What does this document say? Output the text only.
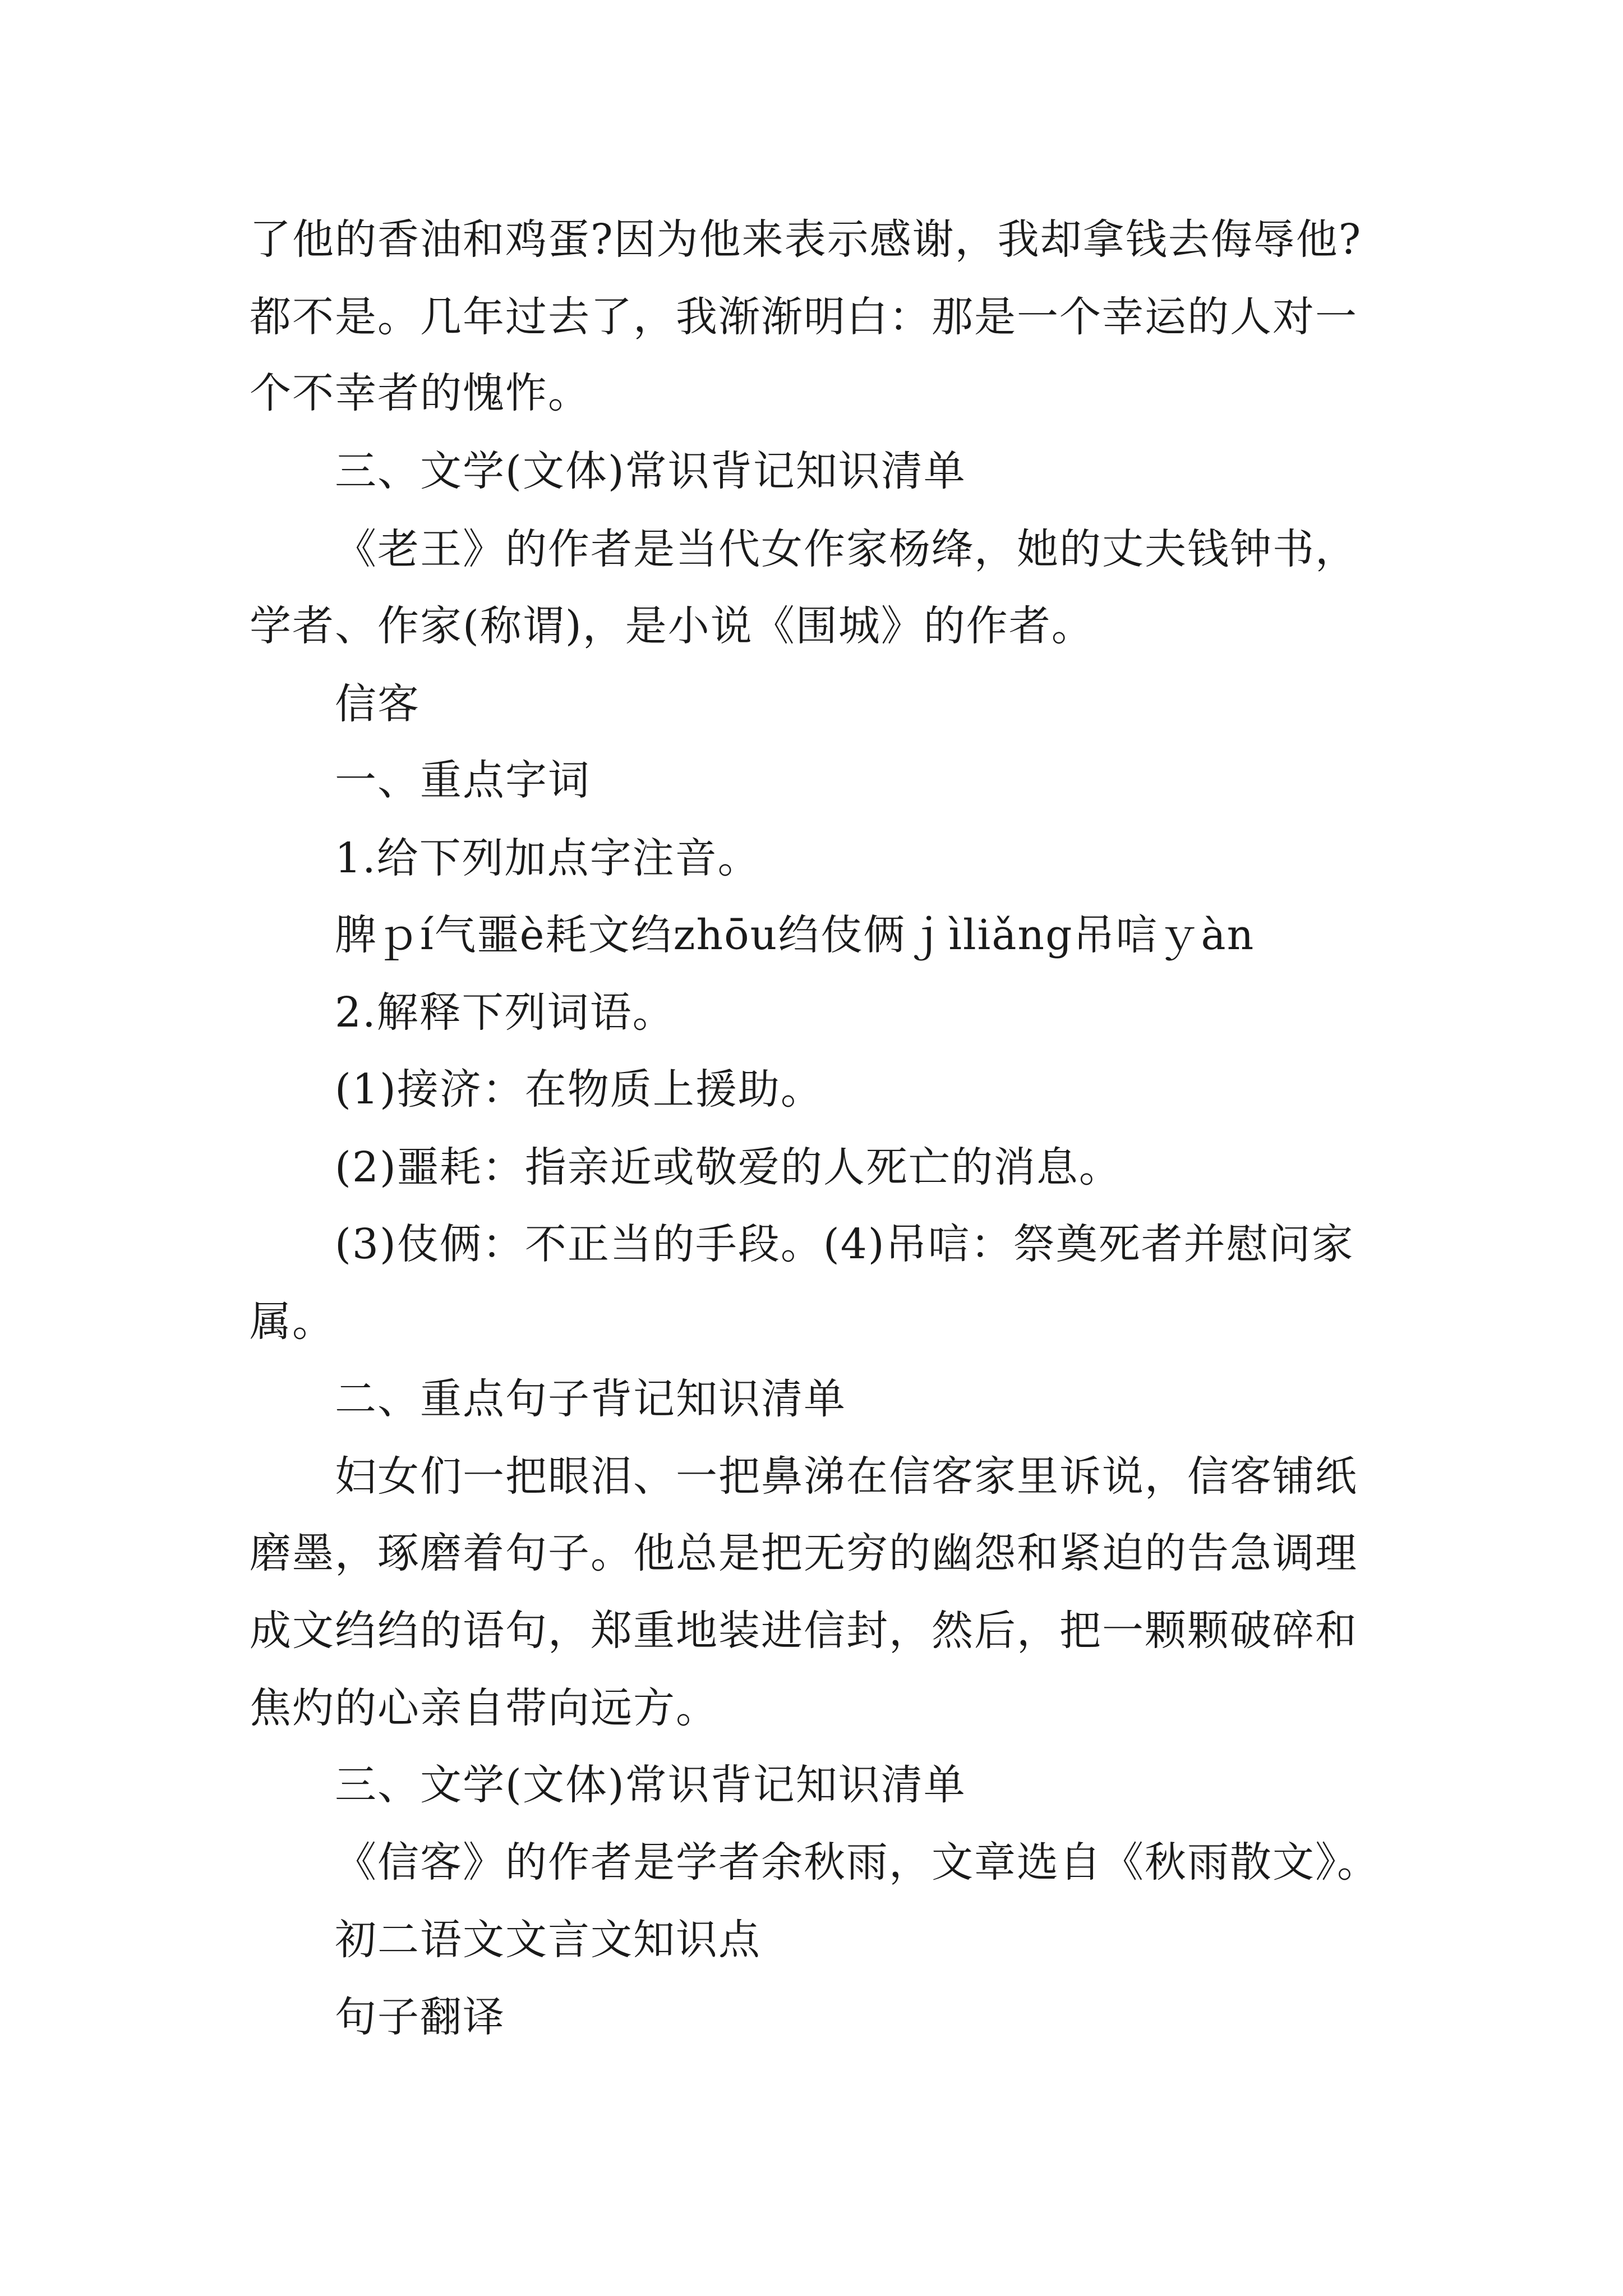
了他的香油和鸡蛋?因为他来表示感谢，我却拿钱去侮辱他?

都不是。几年过去了，我渐渐明白：那是一个幸运的人对一

个不幸者的愧怍。

三、文学(文体)常识背记知识清单

《老王》的作者是当代女作家杨绛，她的丈夫钱钟书，

学者、作家(称谓)，是小说《围城》的作者。

信客

一、重点字词

1.给下列加点字注音。

脾ｐí气噩è耗文绉zhōu绉伎俩ｊìliǎng吊唁ｙàn

2.解释下列词语。

(1)接济：在物质上援助。

(2)噩耗：指亲近或敬爱的人死亡的消息。

(3)伎俩：不正当的手段。(4)吊唁：祭奠死者并慰问家

属。

二、重点句子背记知识清单

妇女们一把眼泪、一把鼻涕在信客家里诉说，信客铺纸

磨墨，琢磨着句子。他总是把无穷的幽怨和紧迫的告急调理

成文绉绉的语句，郑重地装进信封，然后，把一颗颗破碎和

焦灼的心亲自带向远方。

三、文学(文体)常识背记知识清单

《信客》的作者是学者余秋雨，文章选自《秋雨散文》。

初二语文文言文知识点

句子翻译
